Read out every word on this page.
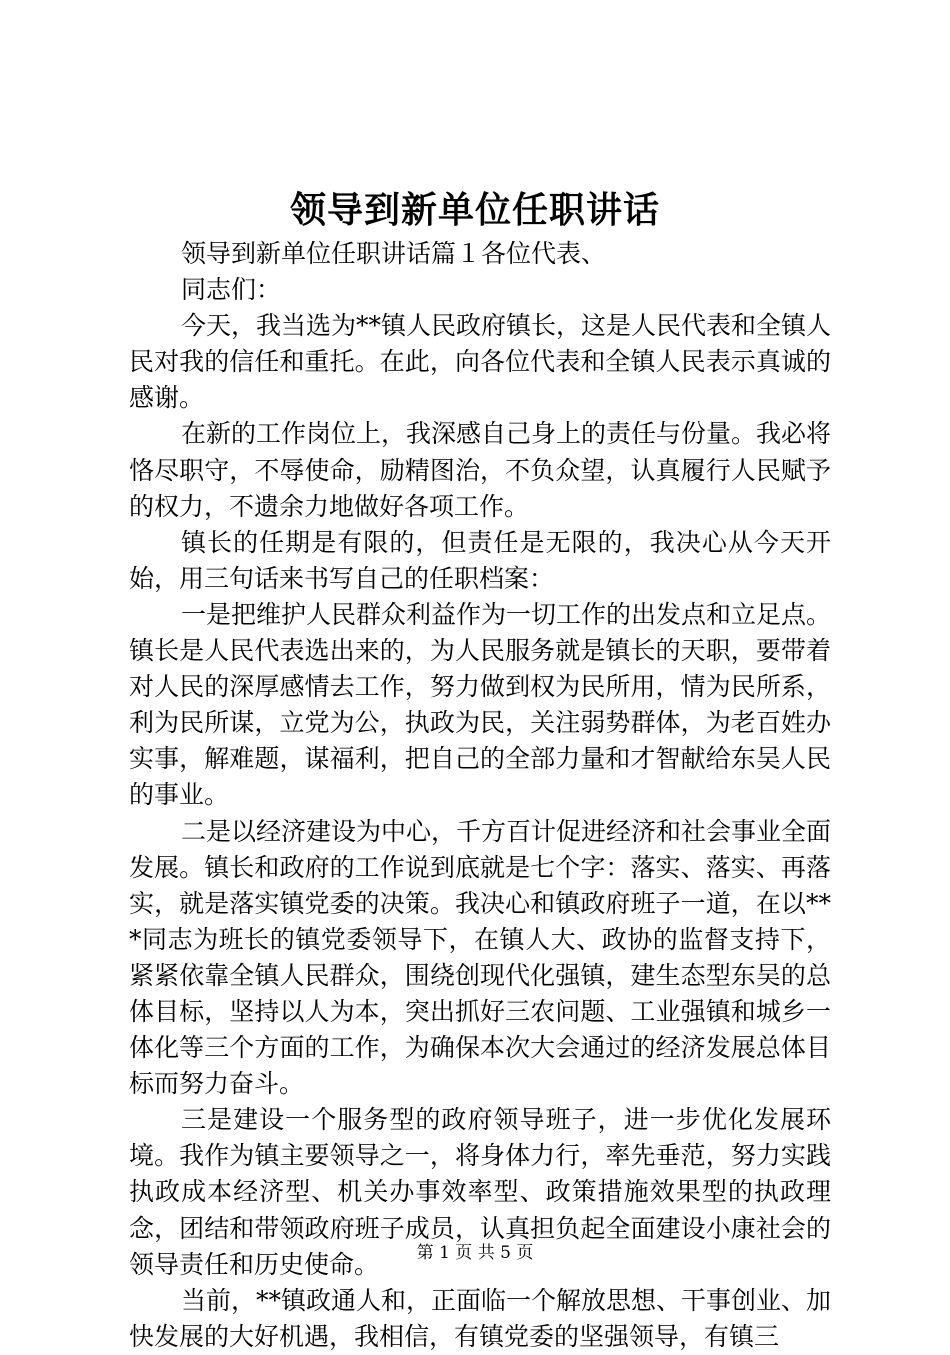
领导到新单位任职讲话

领导到新单位任职讲话篇１各位代表、

同志们：

今天，我当选为**镇人民政府镇长，这是人民代表和全镇人民对我的信任和重托。在此，向各位代表和全镇人民表示真诚的感谢。

在新的工作岗位上，我深感自己身上的责任与份量。我必将恪尽职守，不辱使命，励精图治，不负众望，认真履行人民赋予的权力，不遗余力地做好各项工作。

镇长的任期是有限的，但责任是无限的，我决心从今天开始，用三句话来书写自己的任职档案：

一是把维护人民群众利益作为一切工作的出发点和立足点。镇长是人民代表选出来的，为人民服务就是镇长的天职，要带着对人民的深厚感情去工作，努力做到权为民所用，情为民所系，利为民所谋，立党为公，执政为民，关注弱势群体，为老百姓办实事，解难题，谋福利，把自己的全部力量和才智献给东吴人民的事业。

二是以经济建设为中心，千方百计促进经济和社会事业全面发展。镇长和政府的工作说到底就是七个字：落实、落实、再落实，就是落实镇党委的决策。我决心和镇政府班子一道，在以***同志为班长的镇党委领导下，在镇人大、政协的监督支持下，紧紧依靠全镇人民群众，围绕创现代化强镇，建生态型东吴的总体目标，坚持以人为本，突出抓好三农问题、工业强镇和城乡一体化等三个方面的工作，为确保本次大会通过的经济发展总体目标而努力奋斗。

三是建设一个服务型的政府领导班子，进一步优化发展环境。我作为镇主要领导之一，将身体力行，率先垂范，努力实践执政成本经济型、机关办事效率型、政策措施效果型的执政理念，团结和带领政府班子成员，认真担负起全面建设小康社会的领导责任和历史使命。

当前，**镇政通人和，正面临一个解放思想、干事创业、加快发展的大好机遇，我相信，有镇党委的坚强领导，有镇三

第 1 页 共 5 页
